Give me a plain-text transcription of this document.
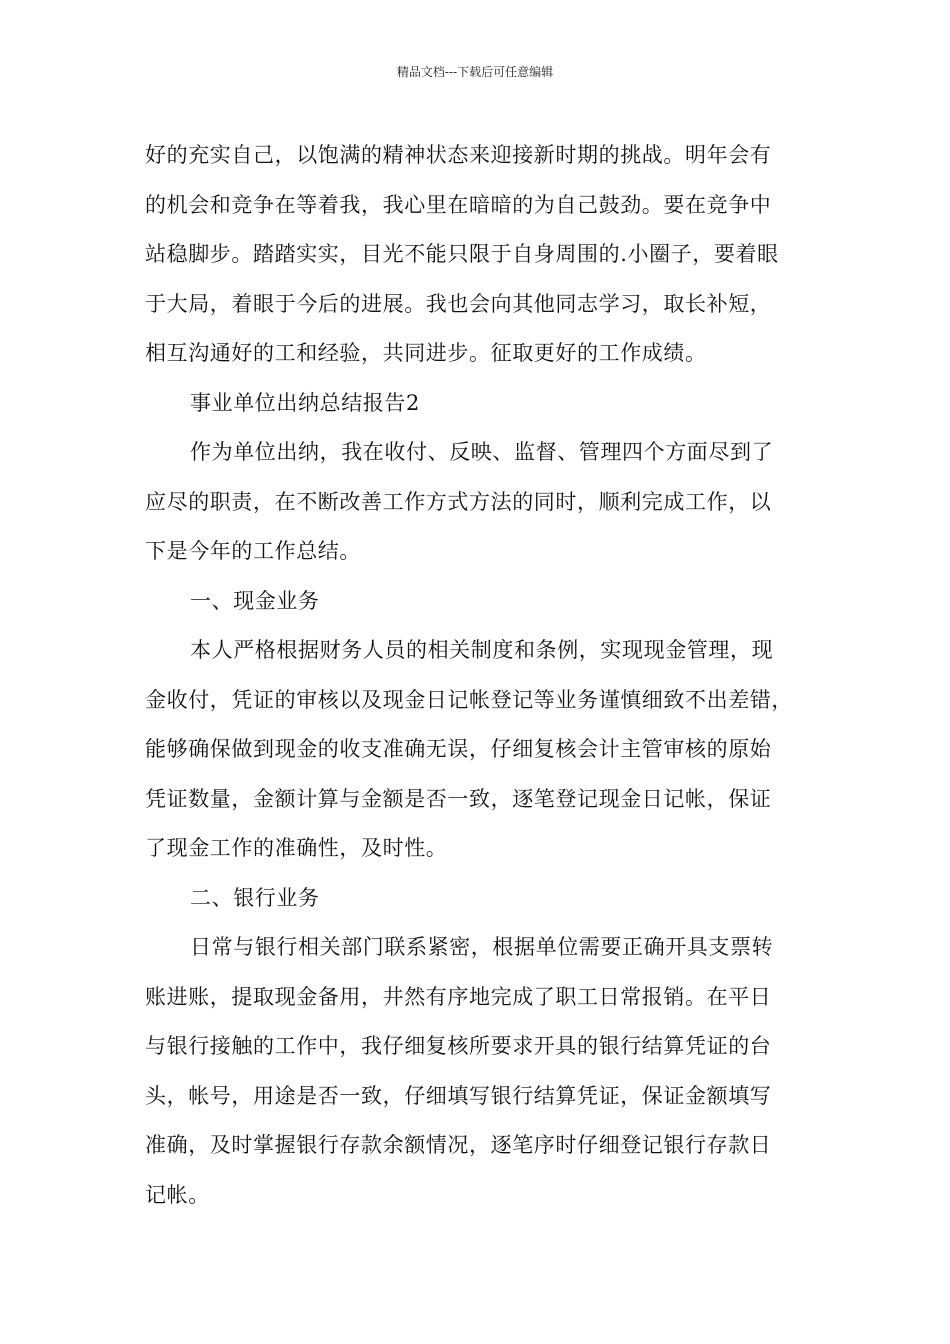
精品文档---下载后可任意编辑
好的充实自己，以饱满的精神状态来迎接新时期的挑战。明年会有
的机会和竞争在等着我，我心里在暗暗的为自己鼓劲。要在竞争中
站稳脚步。踏踏实实，目光不能只限于自身周围的.小圈子，要着眼
于大局，着眼于今后的进展。我也会向其他同志学习，取长补短，
相互沟通好的工和经验，共同进步。征取更好的工作成绩。
事业单位出纳总结报告2
作为单位出纳，我在收付、反映、监督、管理四个方面尽到了
应尽的职责，在不断改善工作方式方法的同时，顺利完成工作，以
下是今年的工作总结。
一、现金业务
本人严格根据财务人员的相关制度和条例，实现现金管理，现
金收付，凭证的审核以及现金日记帐登记等业务谨慎细致不出差错，
能够确保做到现金的收支准确无误，仔细复核会计主管审核的原始
凭证数量，金额计算与金额是否一致，逐笔登记现金日记帐，保证
了现金工作的准确性，及时性。
二、银行业务
日常与银行相关部门联系紧密，根据单位需要正确开具支票转
账进账，提取现金备用，井然有序地完成了职工日常报销。在平日
与银行接触的工作中，我仔细复核所要求开具的银行结算凭证的台
头，帐号，用途是否一致，仔细填写银行结算凭证，保证金额填写
准确，及时掌握银行存款余额情况，逐笔序时仔细登记银行存款日
记帐。
